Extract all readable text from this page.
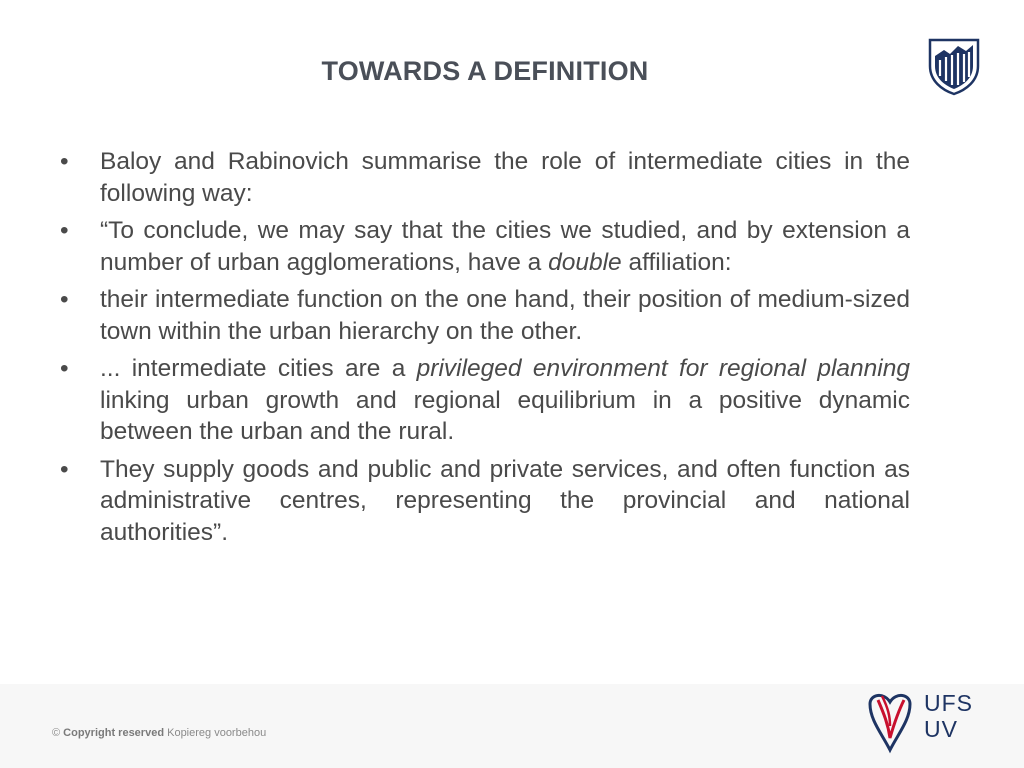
TOWARDS A DEFINITION
• Baloy and Rabinovich summarise the role of intermediate cities in the following way:
• “To conclude, we may say that the cities we studied, and by extension a number of urban agglomerations, have a double affiliation:
• their intermediate function on the one hand, their position of medium-sized town within the urban hierarchy on the other.
• ... intermediate cities are a privileged environment for regional planning linking urban growth and regional equilibrium in a positive dynamic between the urban and the rural.
• They supply goods and public and private services, and often function as administrative centres, representing the provincial and national authorities”.
© Copyright reserved Kopiereg voorbehou
UFS
UV
